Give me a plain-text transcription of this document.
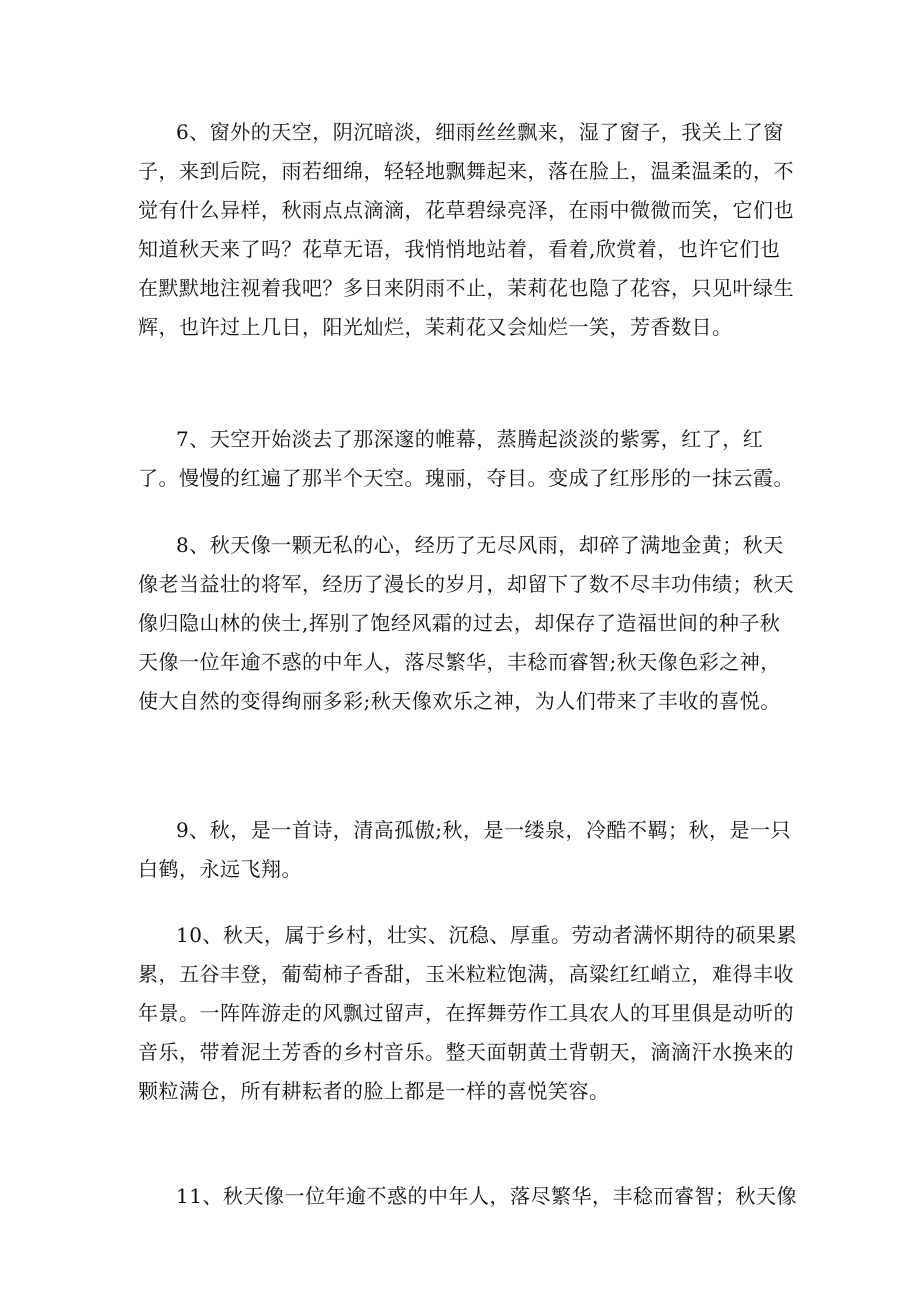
6、窗外的天空，阴沉暗淡，细雨丝丝飘来，湿了窗子，我关上了窗
子，来到后院，雨若细绵，轻轻地飘舞起来，落在脸上，温柔温柔的，不
觉有什么异样，秋雨点点滴滴，花草碧绿亮泽，在雨中微微而笑，它们也
知道秋天来了吗？花草无语，我悄悄地站着，看着,欣赏着，也许它们也
在默默地注视着我吧？多日来阴雨不止，茉莉花也隐了花容，只见叶绿生
辉，也许过上几日，阳光灿烂，茉莉花又会灿烂一笑，芳香数日。
7、天空开始淡去了那深邃的帷幕，蒸腾起淡淡的紫雾，红了，红
了。慢慢的红遍了那半个天空。瑰丽，夺目。变成了红彤彤的一抹云霞。
8、秋天像一颗无私的心，经历了无尽风雨，却碎了满地金黄；秋天
像老当益壮的将军，经历了漫长的岁月，却留下了数不尽丰功伟绩；秋天
像归隐山林的侠士,挥别了饱经风霜的过去，却保存了造福世间的种子秋
天像一位年逾不惑的中年人，落尽繁华，丰稔而睿智;秋天像色彩之神，
使大自然的变得绚丽多彩;秋天像欢乐之神，为人们带来了丰收的喜悦。
9、秋，是一首诗，清高孤傲;秋，是一缕泉，冷酷不羁；秋，是一只
白鹤，永远飞翔。
10、秋天，属于乡村，壮实、沉稳、厚重。劳动者满怀期待的硕果累
累，五谷丰登，葡萄柿子香甜，玉米粒粒饱满，高粱红红峭立，难得丰收
年景。一阵阵游走的风飘过留声，在挥舞劳作工具农人的耳里俱是动听的
音乐，带着泥土芳香的乡村音乐。整天面朝黄土背朝天，滴滴汗水换来的
颗粒满仓，所有耕耘者的脸上都是一样的喜悦笑容。
11、秋天像一位年逾不惑的中年人，落尽繁华，丰稔而睿智；秋天像
